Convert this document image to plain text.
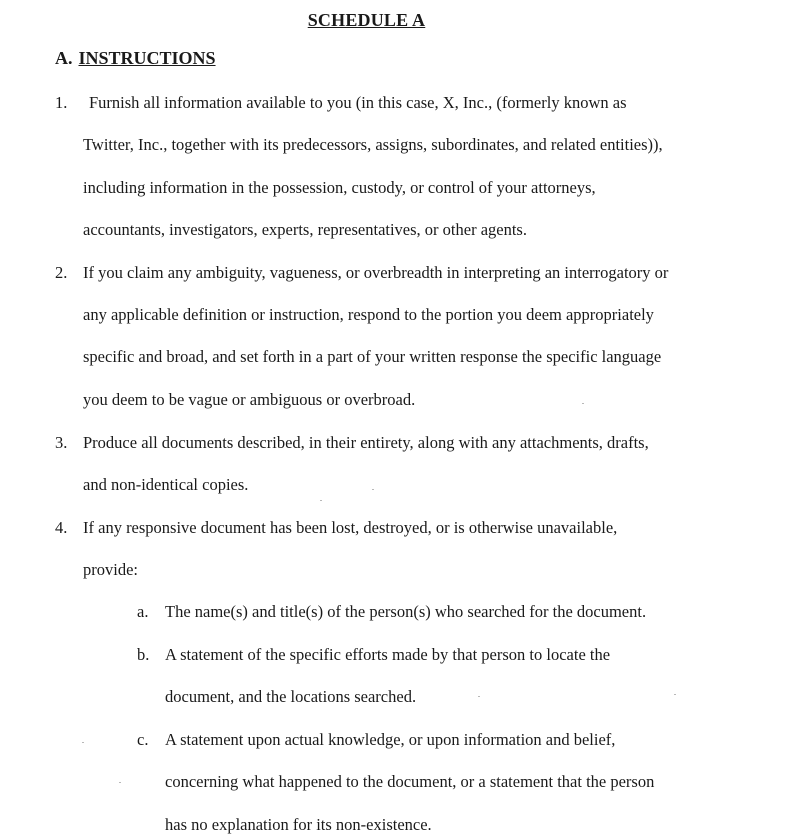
SCHEDULE A
A. INSTRUCTIONS
1. Furnish all information available to you (in this case, X, Inc., (formerly known as
Twitter, Inc., together with its predecessors, assigns, subordinates, and related entities)),
including information in the possession, custody, or control of your attorneys,
accountants, investigators, experts, representatives, or other agents.
2. If you claim any ambiguity, vagueness, or overbreadth in interpreting an interrogatory or
any applicable definition or instruction, respond to the portion you deem appropriately
specific and broad, and set forth in a part of your written response the specific language
you deem to be vague or ambiguous or overbroad.
3. Produce all documents described, in their entirety, along with any attachments, drafts,
and non-identical copies.
4. If any responsive document has been lost, destroyed, or is otherwise unavailable,
provide:
a. The name(s) and title(s) of the person(s) who searched for the document.
b. A statement of the specific efforts made by that person to locate the
document, and the locations searched.
c. A statement upon actual knowledge, or upon information and belief,
concerning what happened to the document, or a statement that the person
has no explanation for its non-existence.
